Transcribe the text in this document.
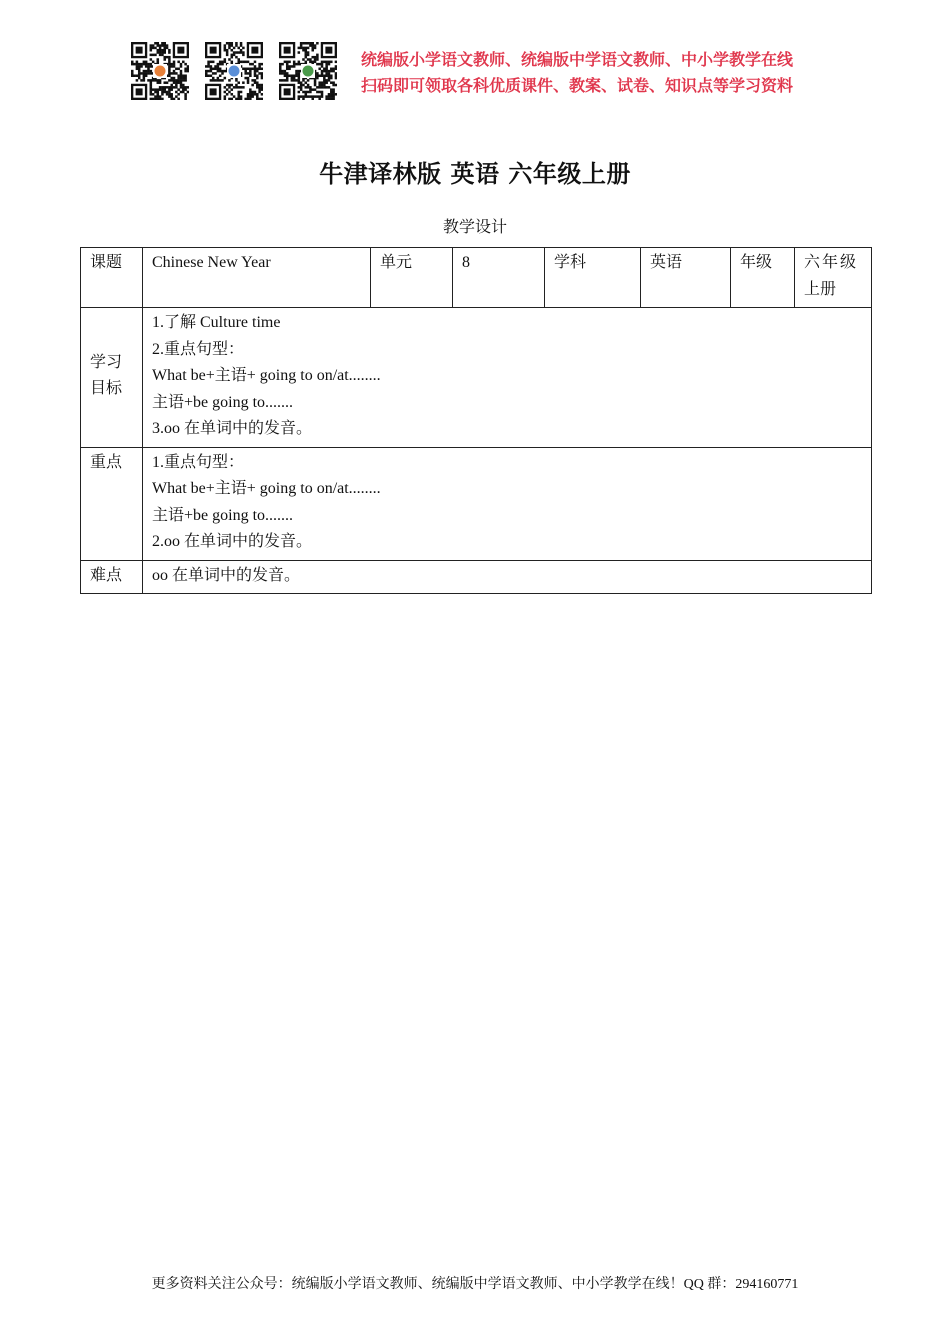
统编版小学语文教师、统编版中学语文教师、中小学教学在线
扫码即可领取各科优质课件、教案、试卷、知识点等学习资料
牛津译林版 英语 六年级上册
教学设计
课题	Chinese New Year	单元	8	学科	英语	年级	六年级
上册

学习
目标	1.了解 Culture time
2.重点句型：
What be+主语+ going to on/at........
主语+be going to.......
3.oo 在单词中的发音。						

重点	1.重点句型：
What be+主语+ going to on/at........
主语+be going to.......
2.oo 在单词中的发音。						

难点	oo 在单词中的发音。						
更多资料关注公众号：统编版小学语文教师、统编版中学语文教师、中小学教学在线！QQ 群：294160771
